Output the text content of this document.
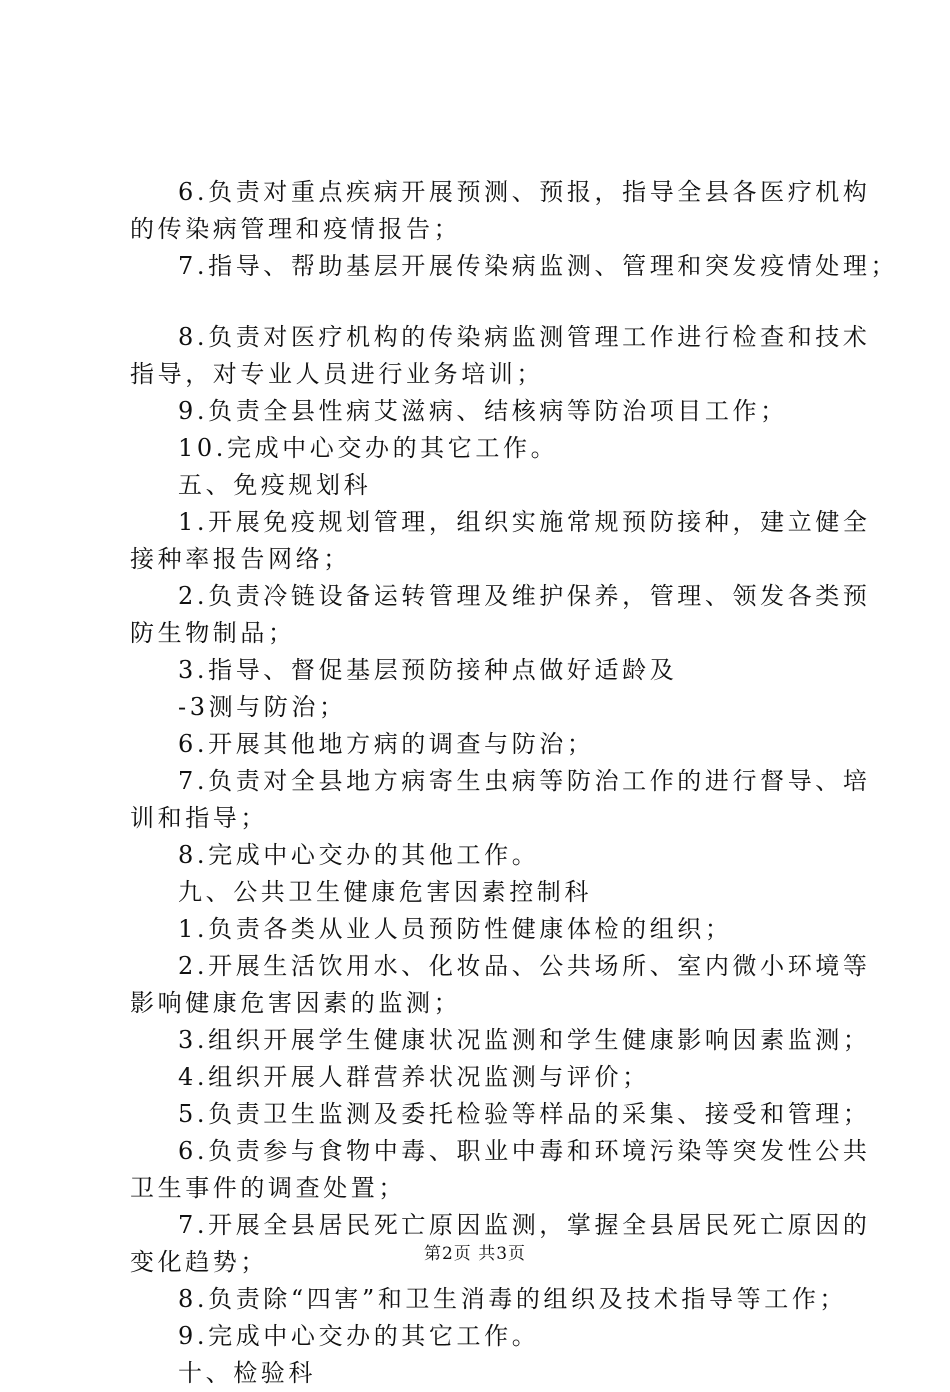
6.负责对重点疾病开展预测、预报，指导全县各医疗机构
的传染病管理和疫情报告；
7.指导、帮助基层开展传染病监测、管理和突发疫情处理；
8.负责对医疗机构的传染病监测管理工作进行检查和技术
指导，对专业人员进行业务培训；
9.负责全县性病艾滋病、结核病等防治项目工作；
10.完成中心交办的其它工作。
五、免疫规划科
1.开展免疫规划管理，组织实施常规预防接种，建立健全
接种率报告网络；
2.负责冷链设备运转管理及维护保养，管理、领发各类预
防生物制品；
3.指导、督促基层预防接种点做好适龄及
-3测与防治；
6.开展其他地方病的调查与防治；
7.负责对全县地方病寄生虫病等防治工作的进行督导、培
训和指导；
8.完成中心交办的其他工作。
九、公共卫生健康危害因素控制科
1.负责各类从业人员预防性健康体检的组织；
2.开展生活饮用水、化妆品、公共场所、室内微小环境等
影响健康危害因素的监测；
3.组织开展学生健康状况监测和学生健康影响因素监测；
4.组织开展人群营养状况监测与评价；
5.负责卫生监测及委托检验等样品的采集、接受和管理；
6.负责参与食物中毒、职业中毒和环境污染等突发性公共
卫生事件的调查处置；
7.开展全县居民死亡原因监测，掌握全县居民死亡原因的
变化趋势；
8.负责除“四害”和卫生消毒的组织及技术指导等工作；
9.完成中心交办的其它工作。
十、检验科
第2页 共3页
